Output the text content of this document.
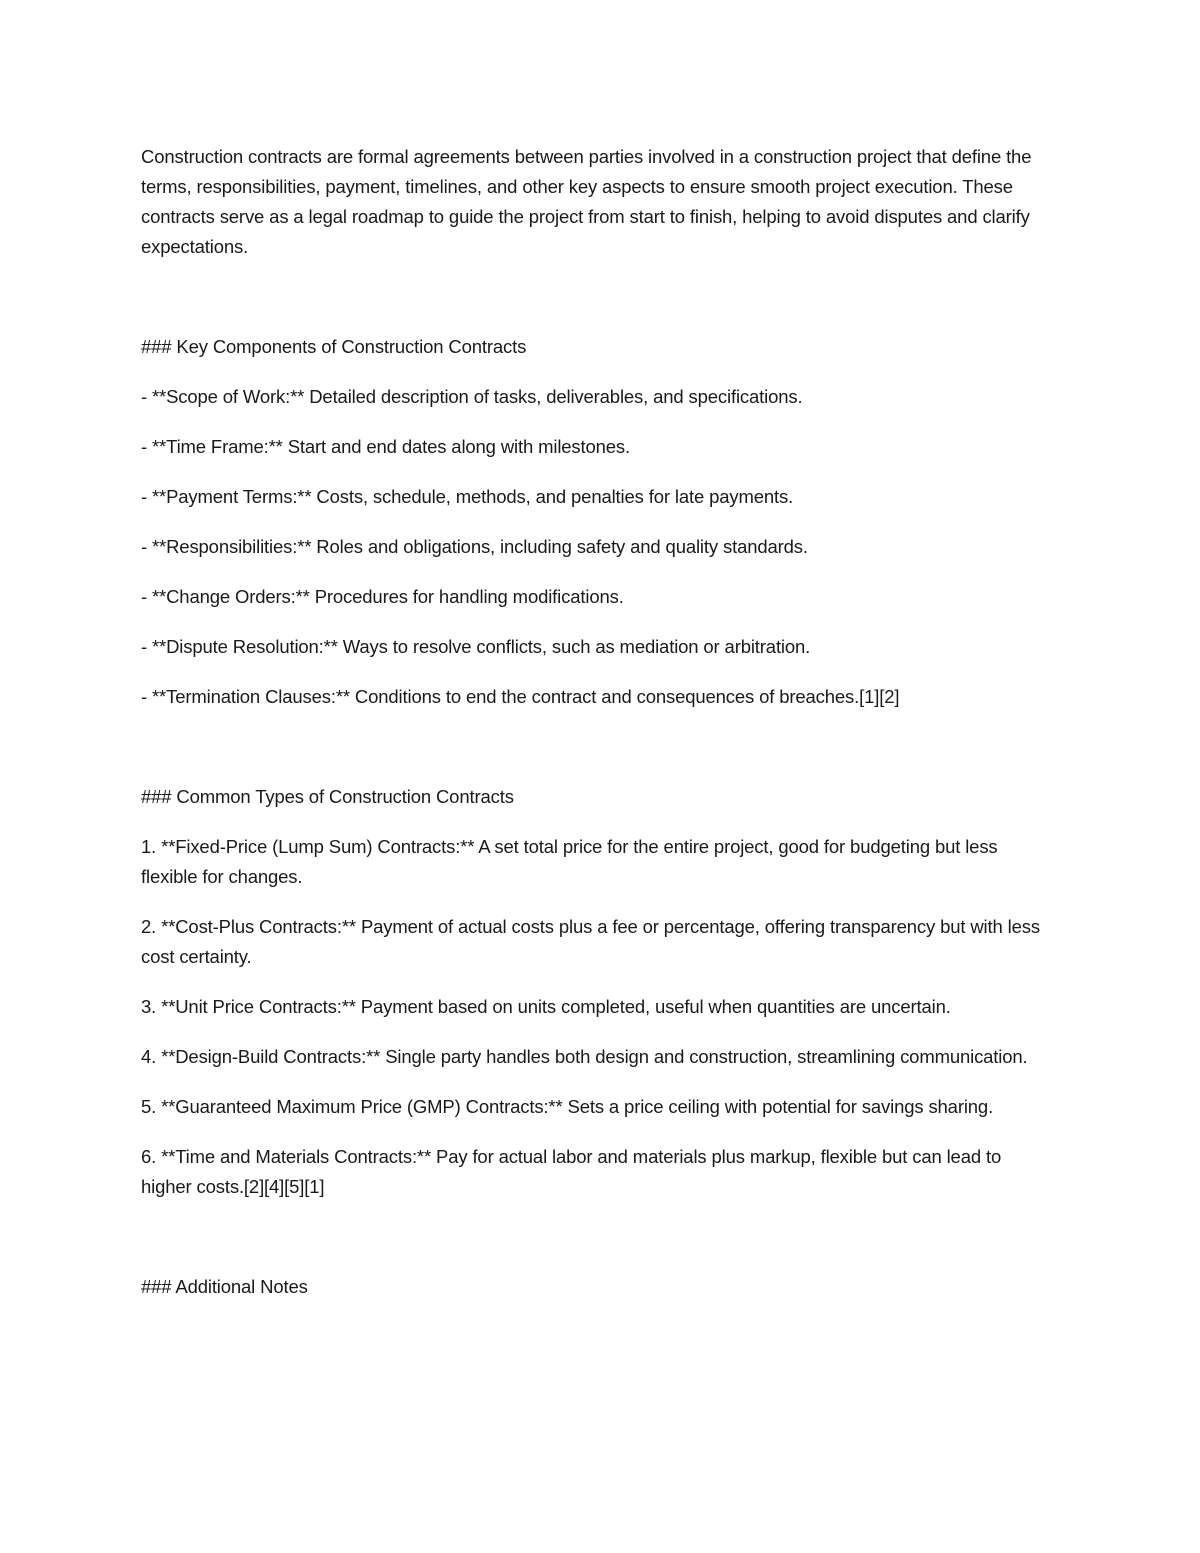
Construction contracts are formal agreements between parties involved in a construction project that define the terms, responsibilities, payment, timelines, and other key aspects to ensure smooth project execution. These contracts serve as a legal roadmap to guide the project from start to finish, helping to avoid disputes and clarify expectations.

### Key Components of Construction Contracts

- **Scope of Work:** Detailed description of tasks, deliverables, and specifications.
- **Time Frame:** Start and end dates along with milestones.
- **Payment Terms:** Costs, schedule, methods, and penalties for late payments.
- **Responsibilities:** Roles and obligations, including safety and quality standards.
- **Change Orders:** Procedures for handling modifications.
- **Dispute Resolution:** Ways to resolve conflicts, such as mediation or arbitration.
- **Termination Clauses:** Conditions to end the contract and consequences of breaches.[1][2]

### Common Types of Construction Contracts

1. **Fixed-Price (Lump Sum) Contracts:** A set total price for the entire project, good for budgeting but less flexible for changes.
2. **Cost-Plus Contracts:** Payment of actual costs plus a fee or percentage, offering transparency but with less cost certainty.
3. **Unit Price Contracts:** Payment based on units completed, useful when quantities are uncertain.
4. **Design-Build Contracts:** Single party handles both design and construction, streamlining communication.
5. **Guaranteed Maximum Price (GMP) Contracts:** Sets a price ceiling with potential for savings sharing.
6. **Time and Materials Contracts:** Pay for actual labor and materials plus markup, flexible but can lead to higher costs.[2][4][5][1]

### Additional Notes
